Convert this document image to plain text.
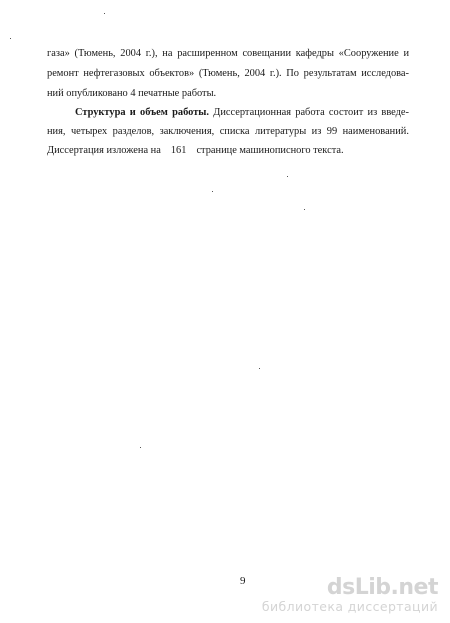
газа» (Тюмень, 2004 г.), на расширенном совещании кафедры «Сооружение и
ремонт нефтегазовых объектов» (Тюмень, 2004 г.). По результатам исследова-
ний опубликовано 4 печатные работы.
Структура и объем работы. Диссертационная работа состоит из введе-
ния, четырех разделов, заключения, списка литературы из 99 наименований.
Диссертация изложена на 161 странице машинописного текста.
9	dsLib.net
библиотека диссертаций
